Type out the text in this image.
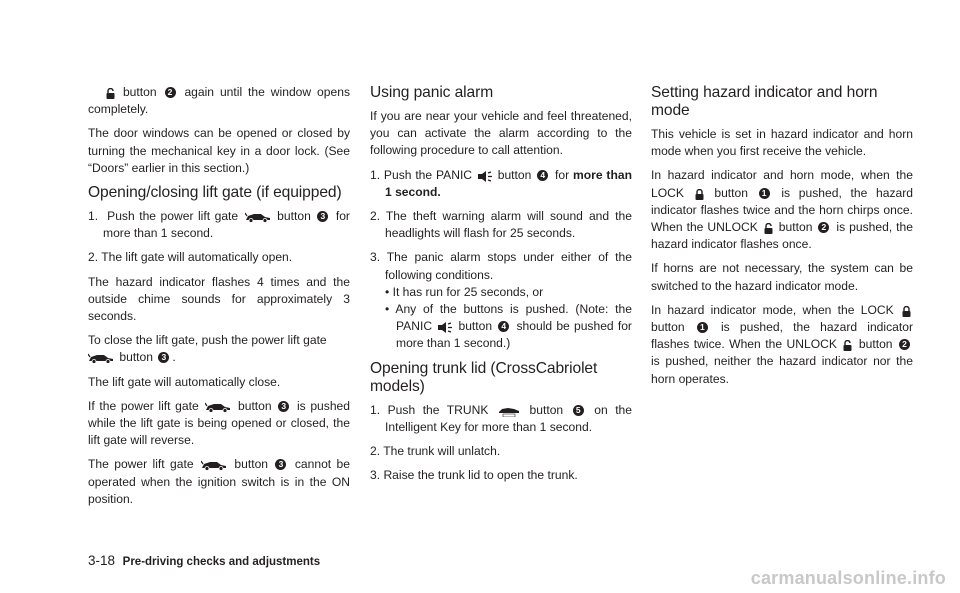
button 2 again until the window opens completely.

The door windows can be opened or closed by turning the mechanical key in a door lock. (See “Doors” earlier in this section.)

Opening/closing lift gate (if equipped)

1. Push the power lift gate	button 3 for more than 1 second.

2. The lift gate will automatically open.

The hazard indicator flashes 4 times and the outside chime sounds for approximately 3 seconds.

To close the lift gate, push the power lift gate

button 3 .

The lift gate will automatically close.

If the power lift gate	button 3 is pushed while the lift gate is being opened or closed, the lift gate will reverse.

The power lift gate	button 3 cannot be operated when the ignition switch is in the ON position.

Using panic alarm

If you are near your vehicle and feel threatened, you can activate the alarm according to the following procedure to call attention.

1. Push the PANIC button 4 for more than 1 second.

2. The theft warning alarm will sound and the headlights will flash for 25 seconds.

3. The panic alarm stops under either of the following conditions.

• It has run for 25 seconds, or

• Any of the buttons is pushed. (Note: the PANIC button 4 should be pushed for more than 1 second.)

Opening trunk lid (CrossCabriolet models)

1. Push the TRUNK	button 5 on the Intelligent Key for more than 1 second.

2. The trunk will unlatch.

3. Raise the trunk lid to open the trunk.

Setting hazard indicator and horn mode

This vehicle is set in hazard indicator and horn mode when you first receive the vehicle.

In hazard indicator and horn mode, when the LOCK	button 1 is pushed, the hazard indicator flashes twice and the horn chirps once. When the UNLOCK button 2 is pushed, the hazard indicator flashes once.

If horns are not necessary, the system can be switched to the hazard indicator mode.

In hazard indicator mode, when the LOCK
button 1 is pushed, the hazard indicator flashes twice. When the UNLOCK button 2 is pushed, neither the hazard indicator nor the horn operates.

3-18 Pre-driving checks and adjustments
carmanualsonline.info
